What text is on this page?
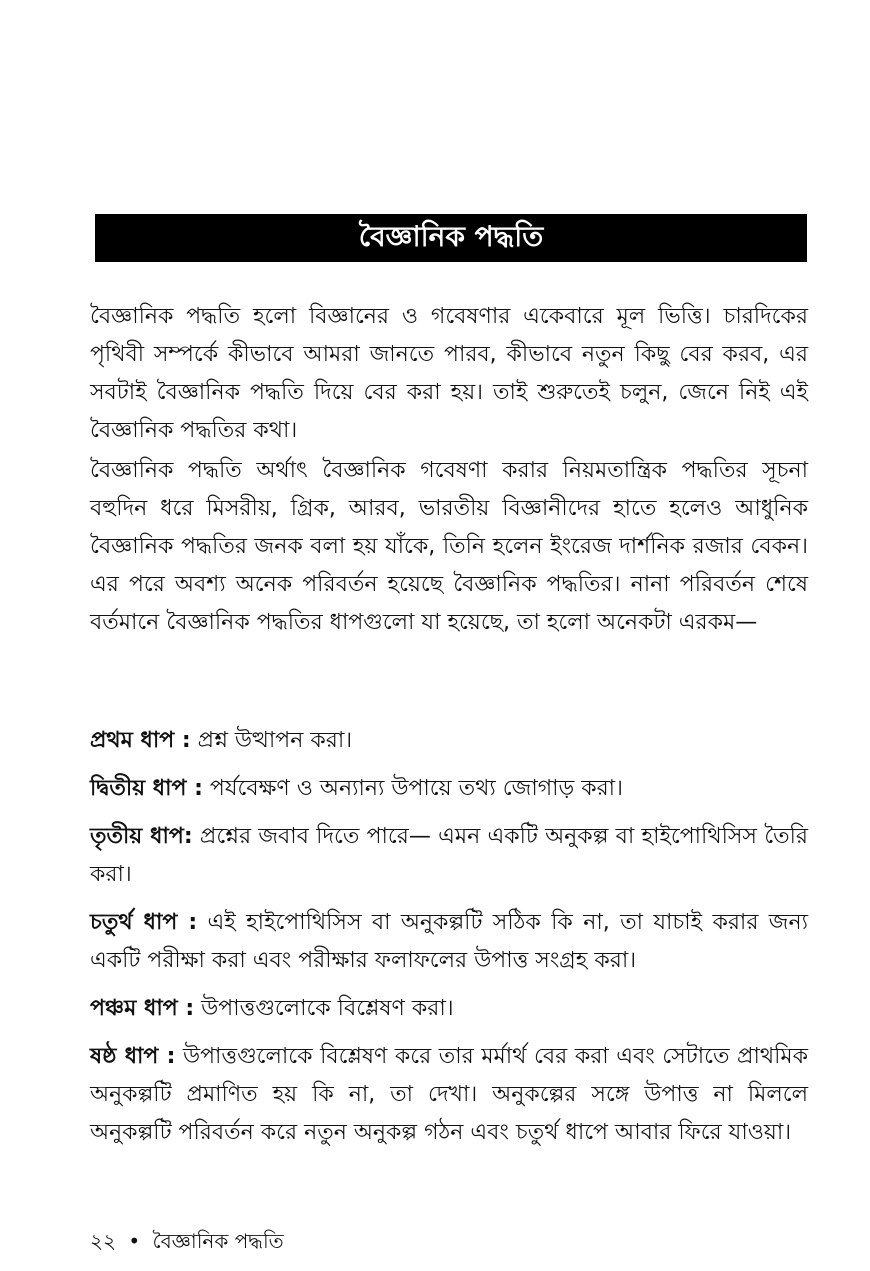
বৈজ্ঞানিক পদ্ধতি

বৈজ্ঞানিক পদ্ধতি হলো বিজ্ঞানের ও গবেষণার একেবারে মূল ভিত্তি। চারদিকের পৃথিবী সম্পর্কে কীভাবে আমরা জানতে পারব, কীভাবে নতুন কিছু বের করব, এর সবটাই বৈজ্ঞানিক পদ্ধতি দিয়ে বের করা হয়। তাই শুরুতেই চলুন, জেনে নিই এই বৈজ্ঞানিক পদ্ধতির কথা।

বৈজ্ঞানিক পদ্ধতি অর্থাৎ বৈজ্ঞানিক গবেষণা করার নিয়মতান্ত্রিক পদ্ধতির সূচনা বহুদিন ধরে মিসরীয়, গ্রিক, আরব, ভারতীয় বিজ্ঞানীদের হাতে হলেও আধুনিক বৈজ্ঞানিক পদ্ধতির জনক বলা হয় যাঁকে, তিনি হলেন ইংরেজ দার্শনিক রজার বেকন। এর পরে অবশ্য অনেক পরিবর্তন হয়েছে বৈজ্ঞানিক পদ্ধতির। নানা পরিবর্তন শেষে বর্তমানে বৈজ্ঞানিক পদ্ধতির ধাপগুলো যা হয়েছে, তা হলো অনেকটা এরকম—

প্রথম ধাপ : প্রশ্ন উত্থাপন করা।

দ্বিতীয় ধাপ : পর্যবেক্ষণ ও অন্যান্য উপায়ে তথ্য জোগাড় করা।

তৃতীয় ধাপ: প্রশ্নের জবাব দিতে পারে— এমন একটি অনুকল্প বা হাইপোথিসিস তৈরি করা।

চতুর্থ ধাপ : এই হাইপোথিসিস বা অনুকল্পটি সঠিক কি না, তা যাচাই করার জন্য একটি পরীক্ষা করা এবং পরীক্ষার ফলাফলের উপাত্ত সংগ্রহ করা।

পঞ্চম ধাপ : উপাত্তগুলোকে বিশ্লেষণ করা।

ষষ্ঠ ধাপ : উপাত্তগুলোকে বিশ্লেষণ করে তার মর্মার্থ বের করা এবং সেটাতে প্রাথমিক অনুকল্পটি প্রমাণিত হয় কি না, তা দেখা। অনুকল্পের সঙ্গে উপাত্ত না মিললে অনুকল্পটি পরিবর্তন করে নতুন অনুকল্প গঠন এবং চতুর্থ ধাপে আবার ফিরে যাওয়া।

২২ • বৈজ্ঞানিক পদ্ধতি
